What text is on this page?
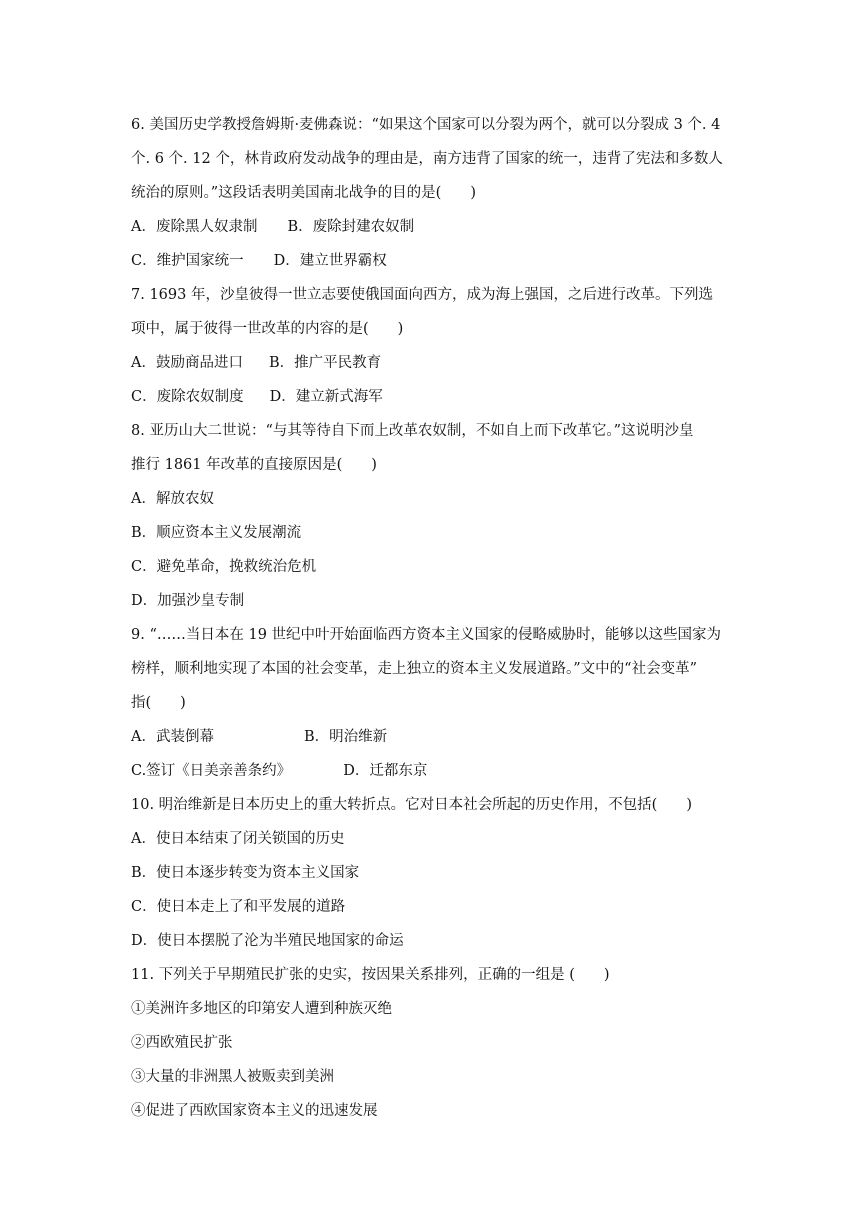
6. 美国历史学教授詹姆斯·麦佛森说：“如果这个国家可以分裂为两个，就可以分裂成 3 个. 4
个. 6 个. 12 个，林肯政府发动战争的理由是，南方违背了国家的统一，违背了宪法和多数人
统治的原则。”这段话表明美国南北战争的目的是(　　)
A．废除黑人奴隶制 B．废除封建农奴制
C．维护国家统一 D．建立世界霸权
7. 1693 年，沙皇彼得一世立志要使俄国面向西方，成为海上强国，之后进行改革。下列选
项中，属于彼得一世改革的内容的是(　　)
A．鼓励商品进口 B．推广平民教育
C．废除农奴制度 D．建立新式海军
8. 亚历山大二世说：“与其等待自下而上改革农奴制，不如自上而下改革它。”这说明沙皇
推行 1861 年改革的直接原因是(　　)
A．解放农奴
B．顺应资本主义发展潮流
C．避免革命，挽救统治危机
D．加强沙皇专制
9. “……当日本在 19 世纪中叶开始面临西方资本主义国家的侵略威胁时，能够以这些国家为
榜样，顺利地实现了本国的社会变革，走上独立的资本主义发展道路。”文中的“社会变革”
指(　　)
A．武装倒幕	B．明治维新
C.签订《日美亲善条约》	D．迁都东京
10. 明治维新是日本历史上的重大转折点。它对日本社会所起的历史作用，不包括(　　)
A．使日本结束了闭关锁国的历史
B．使日本逐步转变为资本主义国家
C．使日本走上了和平发展的道路
D．使日本摆脱了沦为半殖民地国家的命运
11. 下列关于早期殖民扩张的史实，按因果关系排列，正确的一组是 (　　)
①美洲许多地区的印第安人遭到种族灭绝
②西欧殖民扩张
③大量的非洲黑人被贩卖到美洲
④促进了西欧国家资本主义的迅速发展
